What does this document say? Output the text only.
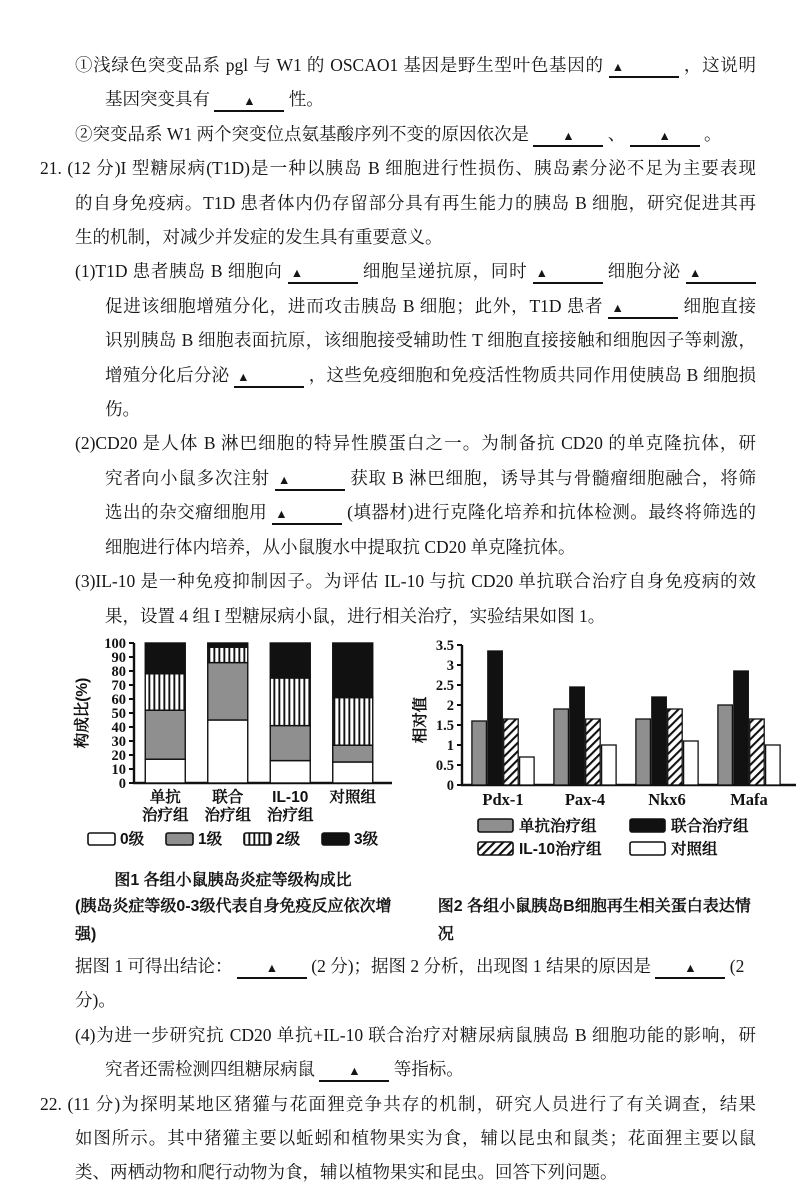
①浅绿色突变品系 pgl 与 W1 的 OSCAO1 基因是野生型叶色基因的 ▲	，这说明
基因突变具有 ▲ 性。
②突变品系 W1 两个突变位点氨基酸序列不变的原因依次是 ▲ 、 ▲ 。
21. (12 分)I 型糖尿病(T1D)是一种以胰岛 B 细胞进行性损伤、胰岛素分泌不足为主要表现
的自身免疫病。T1D 患者体内仍存留部分具有再生能力的胰岛 B 细胞，研究促进其再
生的机制，对减少并发症的发生具有重要意义。
(1)T1D 患者胰岛 B 细胞向 ▲	细胞呈递抗原，同时 ▲	细胞分泌 ▲
促进该细胞增殖分化，进而攻击胰岛 B 细胞；此外，T1D 患者 ▲	细胞直接
识别胰岛 B 细胞表面抗原，该细胞接受辅助性 T 细胞直接接触和细胞因子等刺激，
增殖分化后分泌 ▲	，这些免疫细胞和免疫活性物质共同作用使胰岛 B 细胞损
伤。
(2)CD20 是人体 B 淋巴细胞的特异性膜蛋白之一。为制备抗 CD20 的单克隆抗体，研
究者向小鼠多次注射 ▲	获取 B 淋巴细胞，诱导其与骨髓瘤细胞融合，将筛
选出的杂交瘤细胞用 ▲	(填器材)进行克隆化培养和抗体检测。最终将筛选的
细胞进行体内培养，从小鼠腹水中提取抗 CD20 单克隆抗体。
(3)IL-10 是一种免疫抑制因子。为评估 IL-10 与抗 CD20 单抗联合治疗自身免疫病的效
果，设置 4 组 I 型糖尿病小鼠，进行相关治疗，实验结果如图 1。
0
10
20
30
40
50
60
70
80
90
100
构成比(%)
单抗
治疗组
联合
治疗组
IL-10
治疗组
对照组
0级	1级	2级	3级
0
0.5
1
1.5
2
2.5
3
3.5
相对值
Pdx-1 Pax-4	Nkx6	Mafa
单抗治疗组	联合治疗组
IL-10治疗组	对照组
图1 各组小鼠胰岛炎症等级构成比
(胰岛炎症等级0-3级代表自身免疫反应依次增强)
图2 各组小鼠胰岛B细胞再生相关蛋白表达情况
据图 1 可得出结论： ▲ (2 分)；据图 2 分析，出现图 1 结果的原因是 ▲ (2 分)。
(4)为进一步研究抗 CD20 单抗+IL-10 联合治疗对糖尿病鼠胰岛 B 细胞功能的影响，研
究者还需检测四组糖尿病鼠 ▲ 等指标。
22. (11 分)为探明某地区猪獾与花面狸竞争共存的机制，研究人员进行了有关调查，结果
如图所示。其中猪獾主要以蚯蚓和植物果实为食，辅以昆虫和鼠类；花面狸主要以鼠
类、两栖动物和爬行动物为食，辅以植物果实和昆虫。回答下列问题。
